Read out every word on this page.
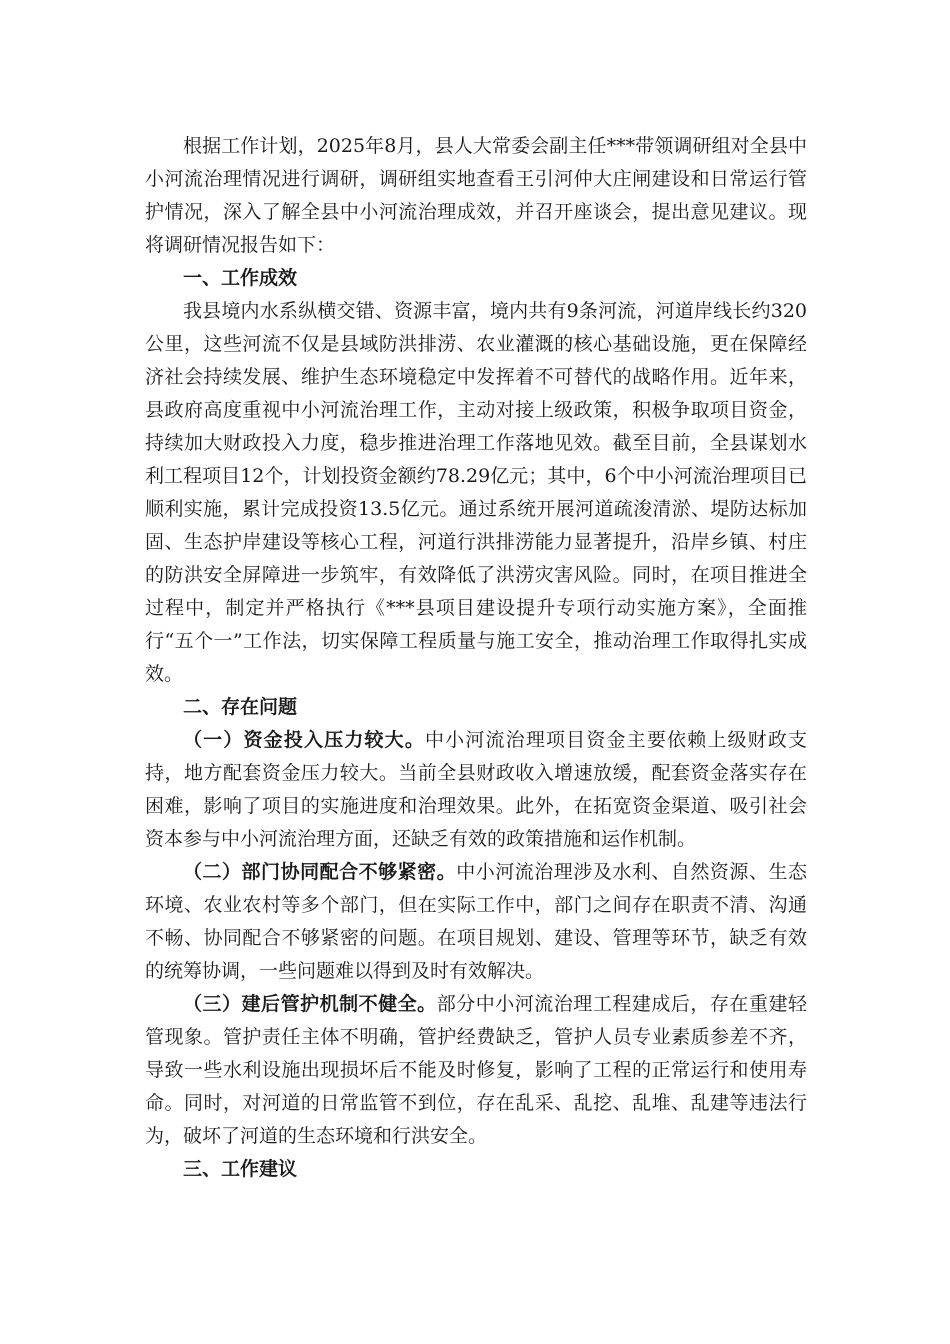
根据工作计划，2025年8月，县人大常委会副主任***带领调研组对全县中小河流治理情况进行调研，调研组实地查看王引河仲大庄闸建设和日常运行管护情况，深入了解全县中小河流治理成效，并召开座谈会，提出意见建议。现将调研情况报告如下：

一、工作成效

我县境内水系纵横交错、资源丰富，境内共有9条河流，河道岸线长约320公里，这些河流不仅是县域防洪排涝、农业灌溉的核心基础设施，更在保障经济社会持续发展、维护生态环境稳定中发挥着不可替代的战略作用。近年来，县政府高度重视中小河流治理工作，主动对接上级政策，积极争取项目资金，持续加大财政投入力度，稳步推进治理工作落地见效。截至目前，全县谋划水利工程项目12个，计划投资金额约78.29亿元；其中，6个中小河流治理项目已顺利实施，累计完成投资13.5亿元。通过系统开展河道疏浚清淤、堤防达标加固、生态护岸建设等核心工程，河道行洪排涝能力显著提升，沿岸乡镇、村庄的防洪安全屏障进一步筑牢，有效降低了洪涝灾害风险。同时，在项目推进全过程中，制定并严格执行《***县项目建设提升专项行动实施方案》，全面推行“五个一”工作法，切实保障工程质量与施工安全，推动治理工作取得扎实成效。

二、存在问题

（一）资金投入压力较大。中小河流治理项目资金主要依赖上级财政支持，地方配套资金压力较大。当前全县财政收入增速放缓，配套资金落实存在困难，影响了项目的实施进度和治理效果。此外，在拓宽资金渠道、吸引社会资本参与中小河流治理方面，还缺乏有效的政策措施和运作机制。

（二）部门协同配合不够紧密。中小河流治理涉及水利、自然资源、生态环境、农业农村等多个部门，但在实际工作中，部门之间存在职责不清、沟通不畅、协同配合不够紧密的问题。在项目规划、建设、管理等环节，缺乏有效的统筹协调，一些问题难以得到及时有效解决。

（三）建后管护机制不健全。部分中小河流治理工程建成后，存在重建轻管现象。管护责任主体不明确，管护经费缺乏，管护人员专业素质参差不齐，导致一些水利设施出现损坏后不能及时修复，影响了工程的正常运行和使用寿命。同时，对河道的日常监管不到位，存在乱采、乱挖、乱堆、乱建等违法行为，破坏了河道的生态环境和行洪安全。

三、工作建议
